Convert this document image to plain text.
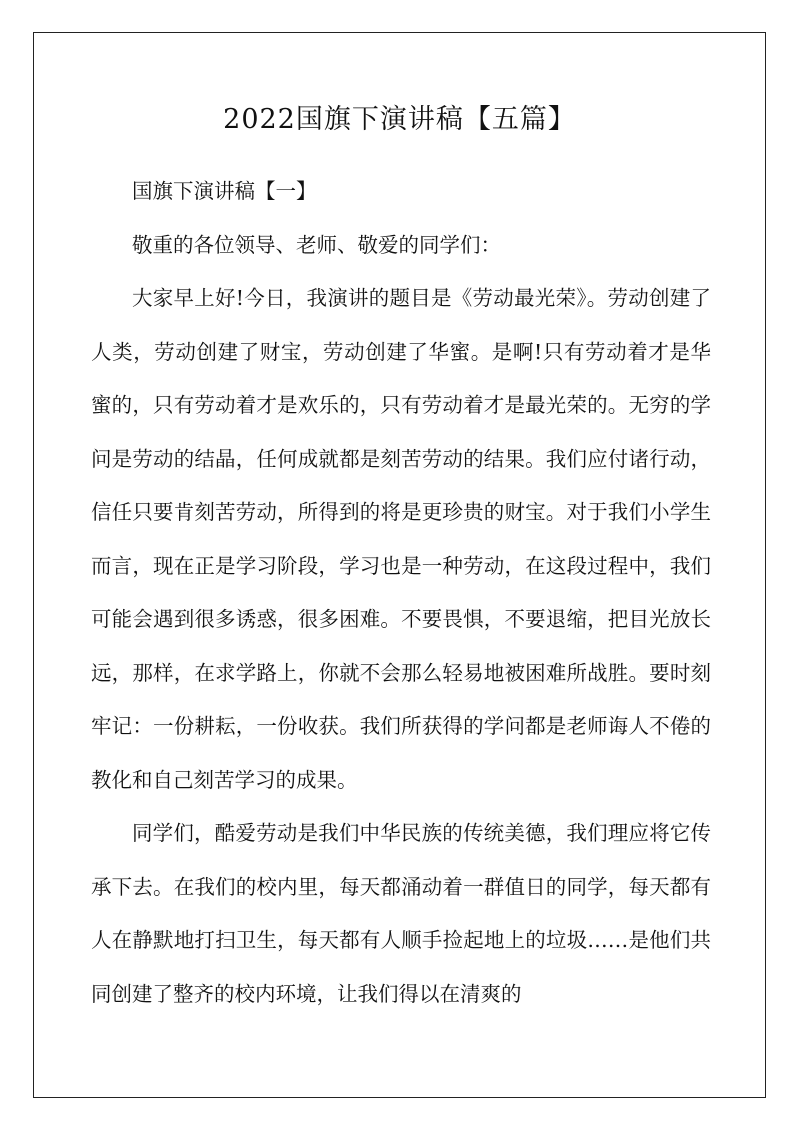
2022国旗下演讲稿【五篇】

国旗下演讲稿【一】

敬重的各位领导、老师、敬爱的同学们：

大家早上好!今日，我演讲的题目是《劳动最光荣》。劳动创建了人类，劳动创建了财宝，劳动创建了华蜜。是啊!只有劳动着才是华蜜的，只有劳动着才是欢乐的，只有劳动着才是最光荣的。无穷的学问是劳动的结晶，任何成就都是刻苦劳动的结果。我们应付诸行动，信任只要肯刻苦劳动，所得到的将是更珍贵的财宝。对于我们小学生而言，现在正是学习阶段，学习也是一种劳动，在这段过程中，我们可能会遇到很多诱惑，很多困难。不要畏惧，不要退缩，把目光放长远，那样，在求学路上，你就不会那么轻易地被困难所战胜。要时刻牢记：一份耕耘，一份收获。我们所获得的学问都是老师诲人不倦的教化和自己刻苦学习的成果。

同学们，酷爱劳动是我们中华民族的传统美德，我们理应将它传承下去。在我们的校内里，每天都涌动着一群值日的同学，每天都有人在静默地打扫卫生，每天都有人顺手捡起地上的垃圾……是他们共同创建了整齐的校内环境，让我们得以在清爽的
